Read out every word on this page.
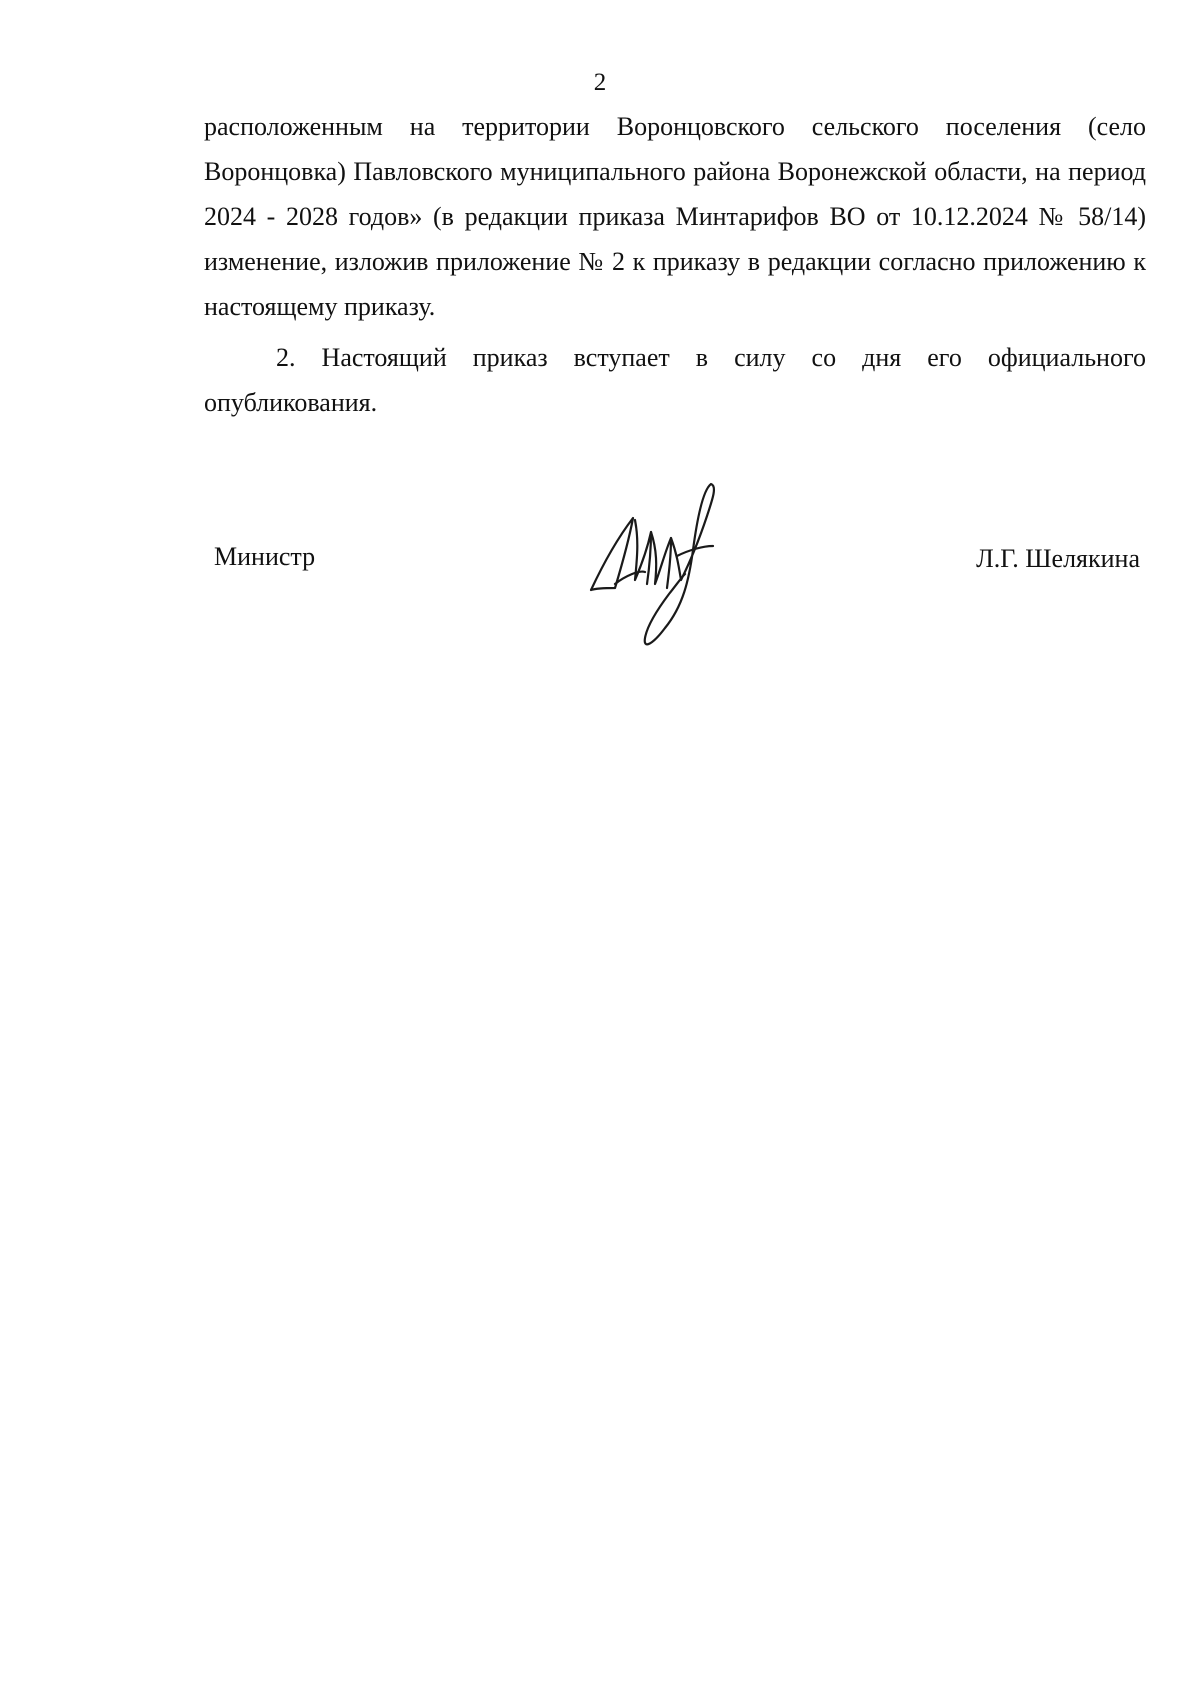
2

расположенным на территории Воронцовского сельского поселения (село Воронцовка) Павловского муниципального района Воронежской области, на период 2024 - 2028 годов» (в редакции приказа Минтарифов ВО от 10.12.2024 № 58/14) изменение, изложив приложение № 2 к приказу в редакции согласно приложению к настоящему приказу.

2. Настоящий приказ вступает в силу со дня его официального опубликования.

Министр	Л.Г. Шелякина
